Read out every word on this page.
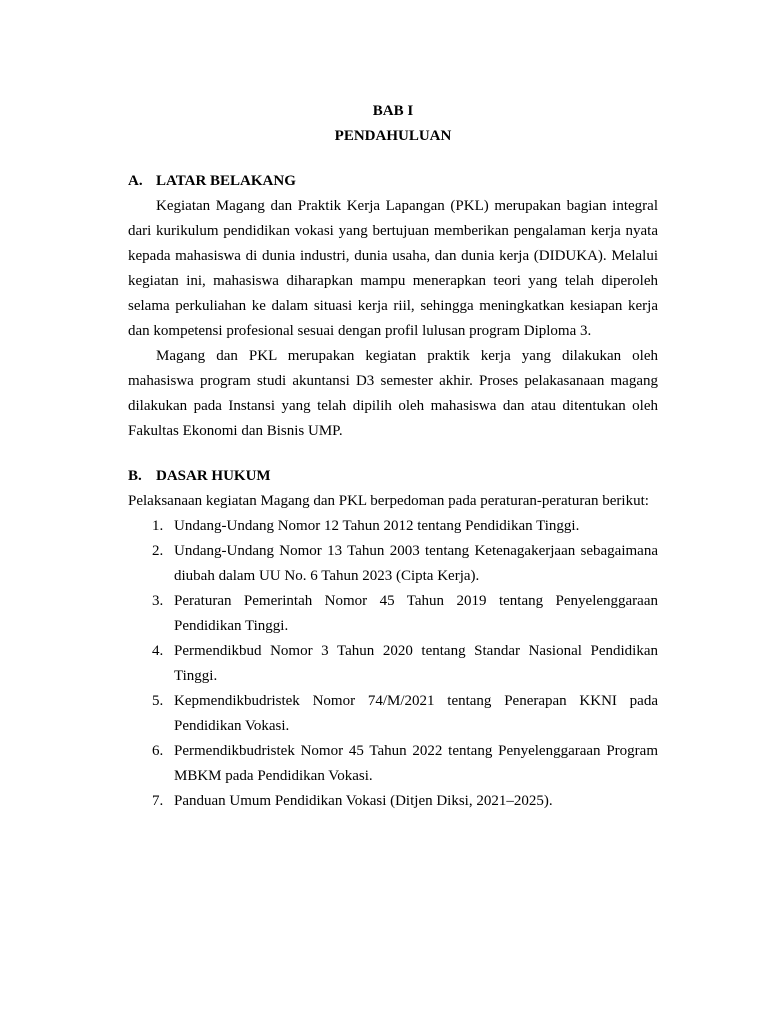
BAB I

PENDAHULUAN

A. LATAR BELAKANG

Kegiatan Magang dan Praktik Kerja Lapangan (PKL) merupakan bagian integral dari kurikulum pendidikan vokasi yang bertujuan memberikan pengalaman kerja nyata kepada mahasiswa di dunia industri, dunia usaha, dan dunia kerja (DIDUKA). Melalui kegiatan ini, mahasiswa diharapkan mampu menerapkan teori yang telah diperoleh selama perkuliahan ke dalam situasi kerja riil, sehingga meningkatkan kesiapan kerja dan kompetensi profesional sesuai dengan profil lulusan program Diploma 3.

Magang dan PKL merupakan kegiatan praktik kerja yang dilakukan oleh mahasiswa program studi akuntansi D3 semester akhir. Proses pelakasanaan magang dilakukan pada Instansi yang telah dipilih oleh mahasiswa dan atau ditentukan oleh Fakultas Ekonomi dan Bisnis UMP.

B. DASAR HUKUM

Pelaksanaan kegiatan Magang dan PKL berpedoman pada peraturan-peraturan berikut:

1. Undang-Undang Nomor 12 Tahun 2012 tentang Pendidikan Tinggi.
2. Undang-Undang Nomor 13 Tahun 2003 tentang Ketenagakerjaan sebagaimana diubah dalam UU No. 6 Tahun 2023 (Cipta Kerja).
3. Peraturan Pemerintah Nomor 45 Tahun 2019 tentang Penyelenggaraan Pendidikan Tinggi.
4. Permendikbud Nomor 3 Tahun 2020 tentang Standar Nasional Pendidikan Tinggi.
5. Kepmendikbudristek Nomor 74/M/2021 tentang Penerapan KKNI pada Pendidikan Vokasi.
6. Permendikbudristek Nomor 45 Tahun 2022 tentang Penyelenggaraan Program MBKM pada Pendidikan Vokasi.
7. Panduan Umum Pendidikan Vokasi (Ditjen Diksi, 2021–2025).
